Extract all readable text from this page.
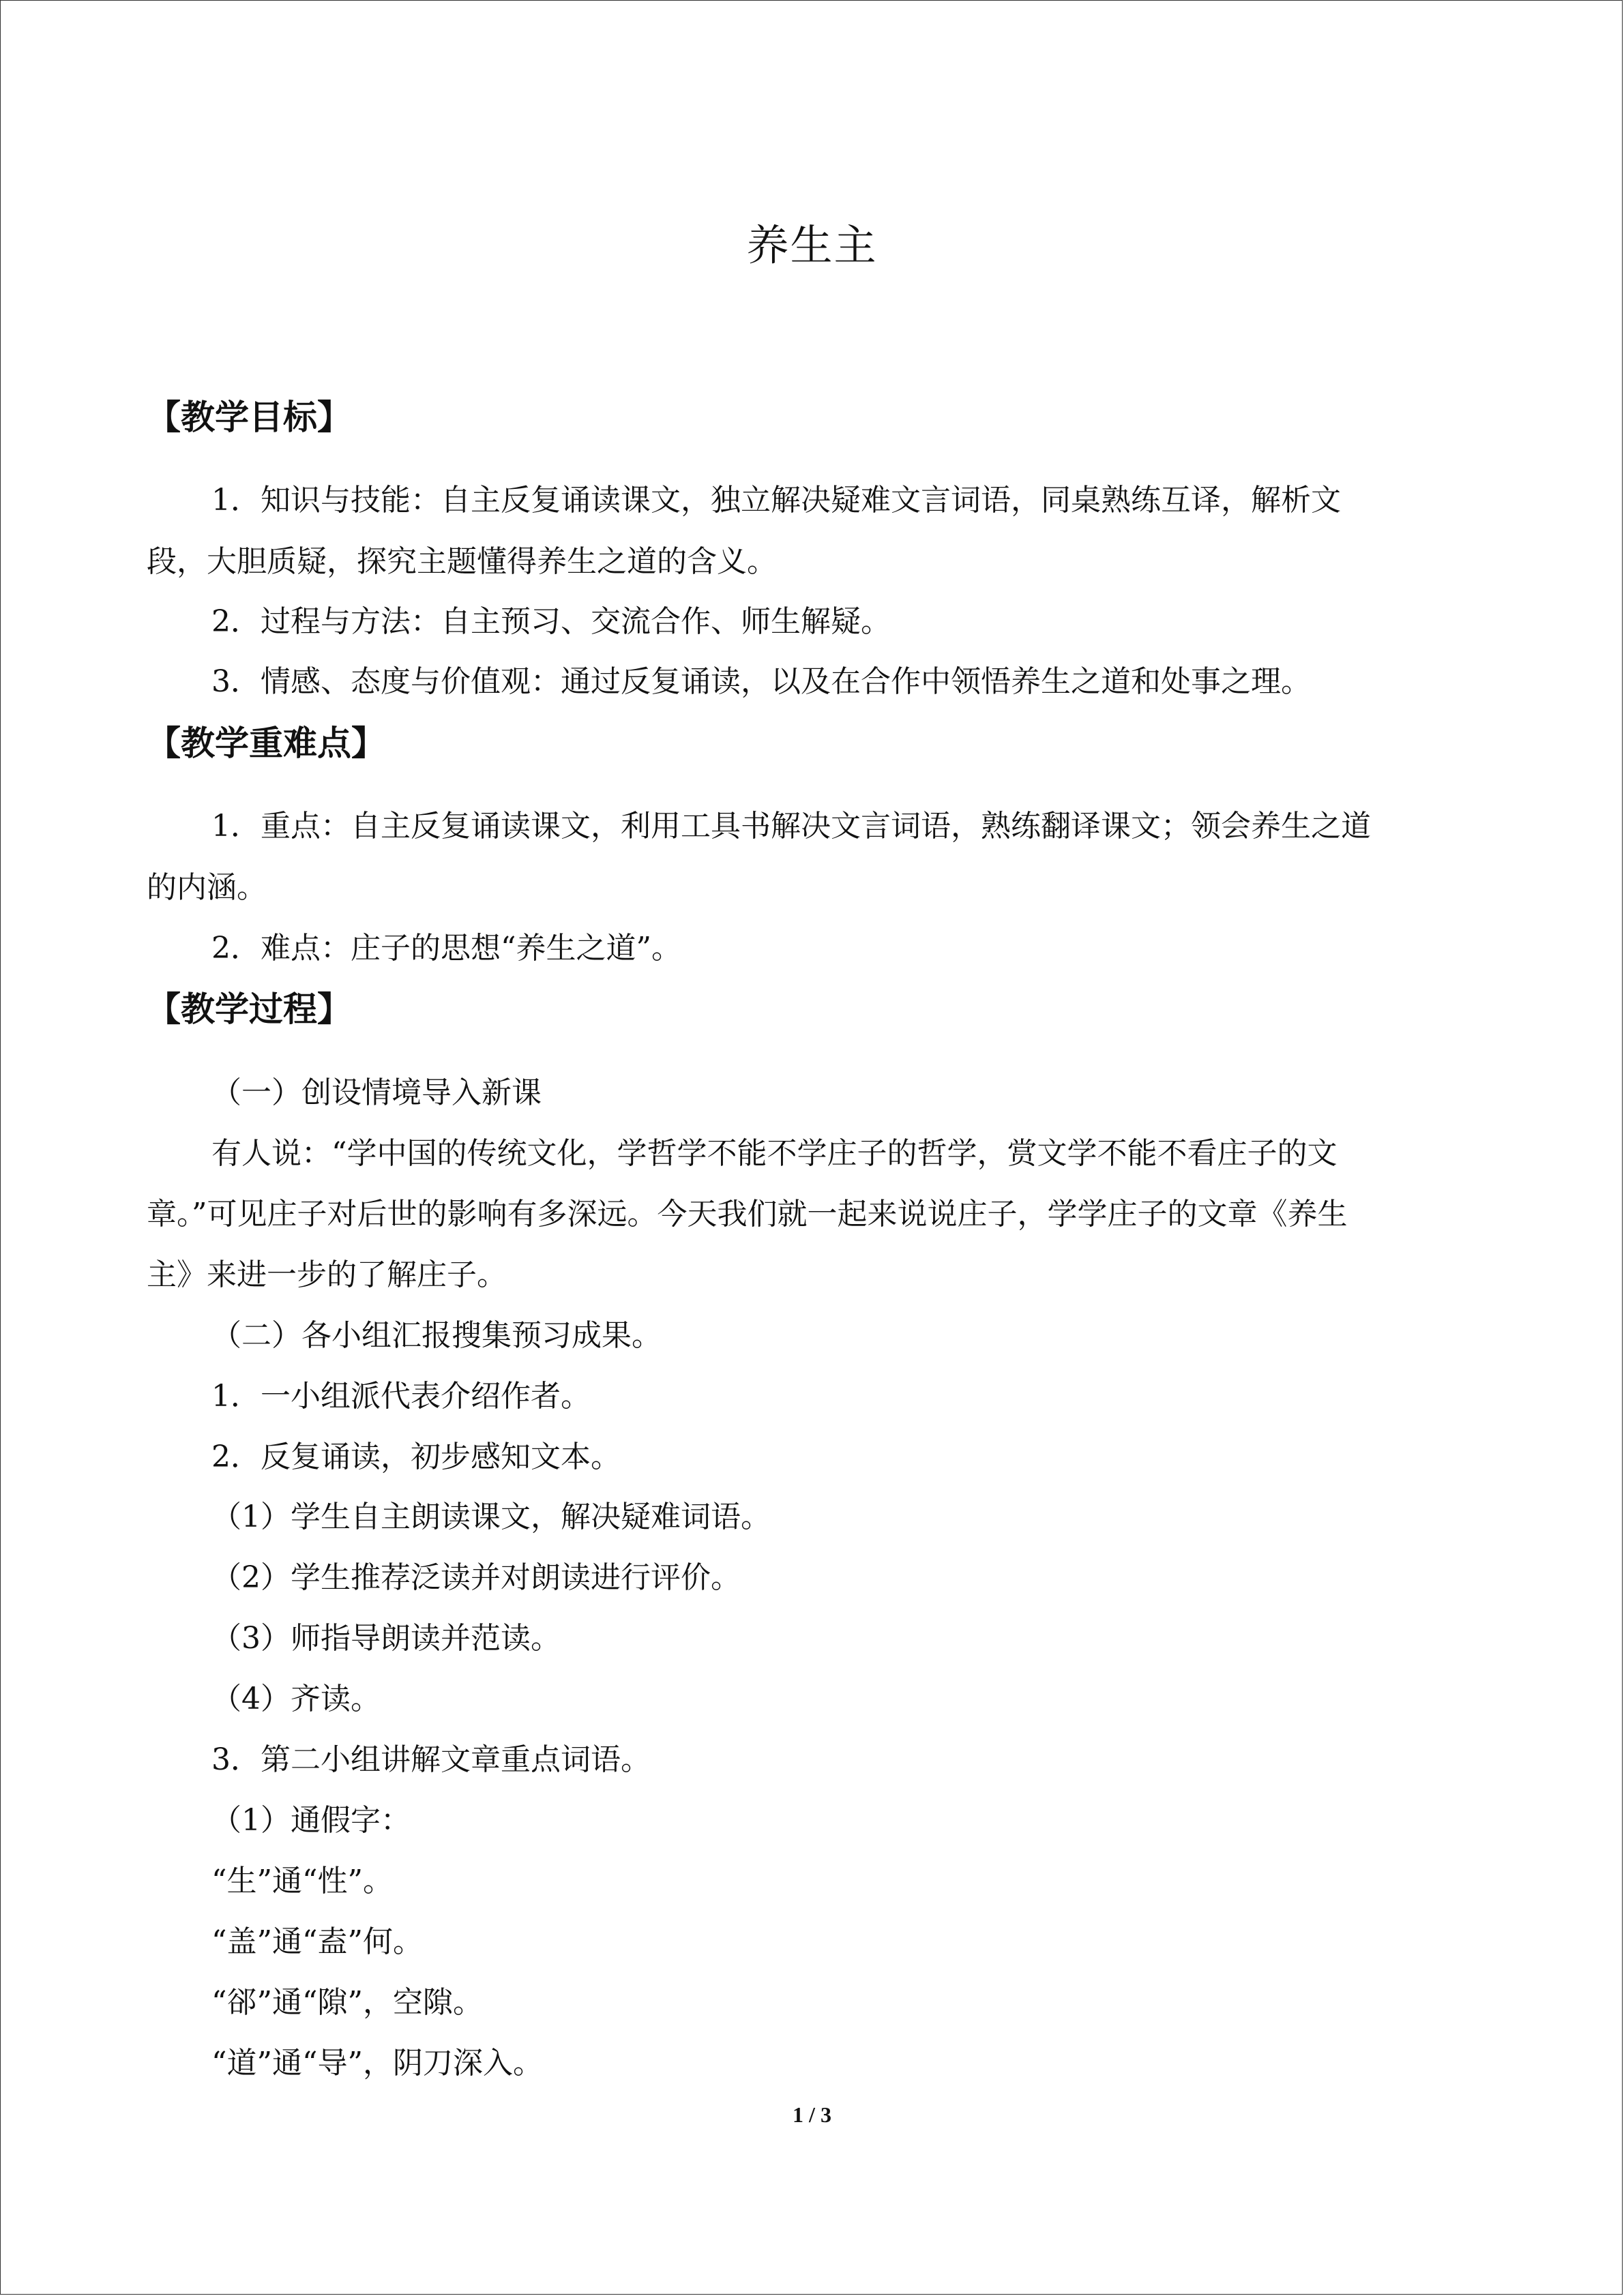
养生主
【教学目标】
1．知识与技能：自主反复诵读课文，独立解决疑难文言词语，同桌熟练互译，解析文
段，大胆质疑，探究主题懂得养生之道的含义。
2．过程与方法：自主预习、交流合作、师生解疑。
3．情感、态度与价值观：通过反复诵读，以及在合作中领悟养生之道和处事之理。
【教学重难点】
1．重点：自主反复诵读课文，利用工具书解决文言词语，熟练翻译课文；领会养生之道
的内涵。
2．难点：庄子的思想“养生之道”。
【教学过程】
（一）创设情境导入新课
有人说：“学中国的传统文化，学哲学不能不学庄子的哲学，赏文学不能不看庄子的文
章。”可见庄子对后世的影响有多深远。今天我们就一起来说说庄子，学学庄子的文章《养生
主》来进一步的了解庄子。
（二）各小组汇报搜集预习成果。
1．一小组派代表介绍作者。
2．反复诵读，初步感知文本。
（1）学生自主朗读课文，解决疑难词语。
（2）学生推荐泛读并对朗读进行评价。
（3）师指导朗读并范读。
（4）齐读。
3．第二小组讲解文章重点词语。
（1）通假字：
“生”通“性”。
“盖”通“盍”何。
“郤”通“隙”，空隙。
“道”通“导”，阴刀深入。
1 / 3
